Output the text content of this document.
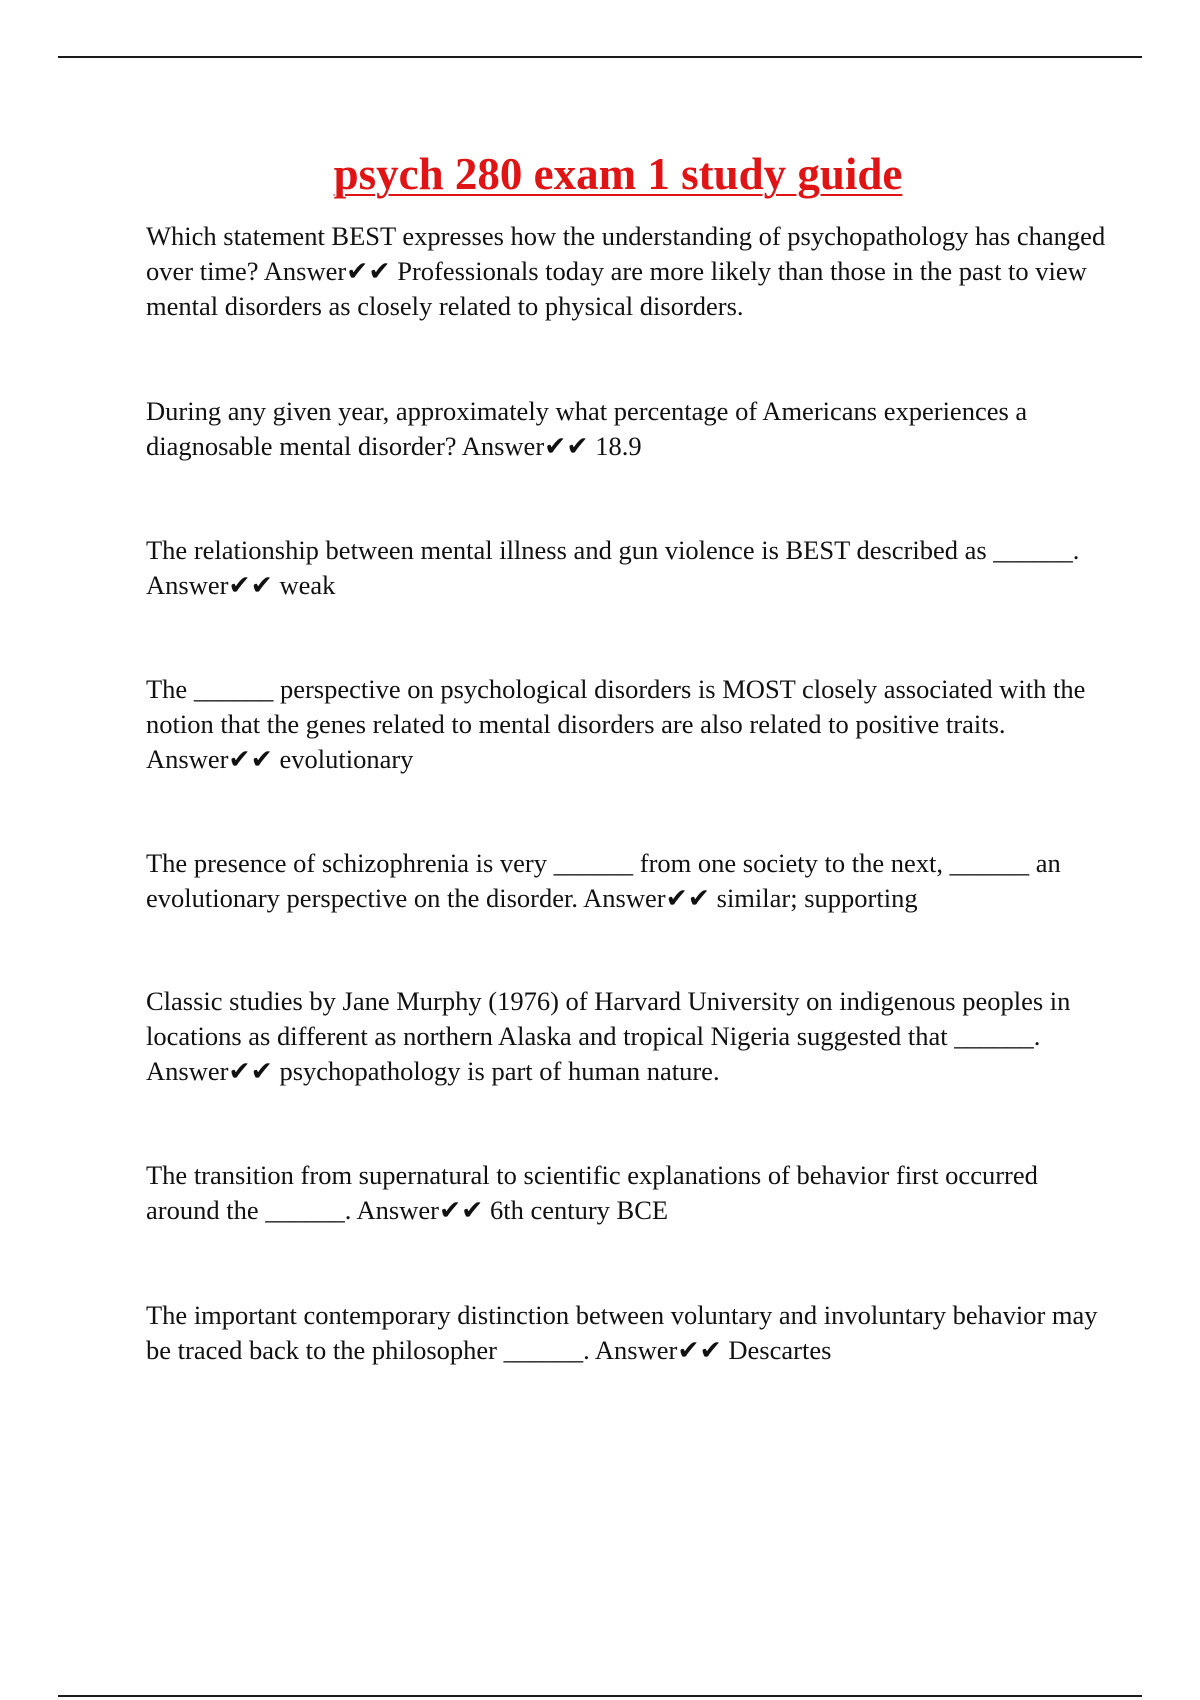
psych 280 exam 1 study guide

Which statement BEST expresses how the understanding of psychopathology has changed over time? Answer✔✔ Professionals today are more likely than those in the past to view mental disorders as closely related to physical disorders.

During any given year, approximately what percentage of Americans experiences a diagnosable mental disorder? Answer✔✔ 18.9

The relationship between mental illness and gun violence is BEST described as ______. Answer✔✔ weak

The ______ perspective on psychological disorders is MOST closely associated with the notion that the genes related to mental disorders are also related to positive traits. Answer✔✔ evolutionary

The presence of schizophrenia is very ______ from one society to the next, ______ an evolutionary perspective on the disorder. Answer✔✔ similar; supporting

Classic studies by Jane Murphy (1976) of Harvard University on indigenous peoples in locations as different as northern Alaska and tropical Nigeria suggested that ______. Answer✔✔ psychopathology is part of human nature.

The transition from supernatural to scientific explanations of behavior first occurred around the ______. Answer✔✔ 6th century BCE

The important contemporary distinction between voluntary and involuntary behavior may be traced back to the philosopher ______. Answer✔✔ Descartes
